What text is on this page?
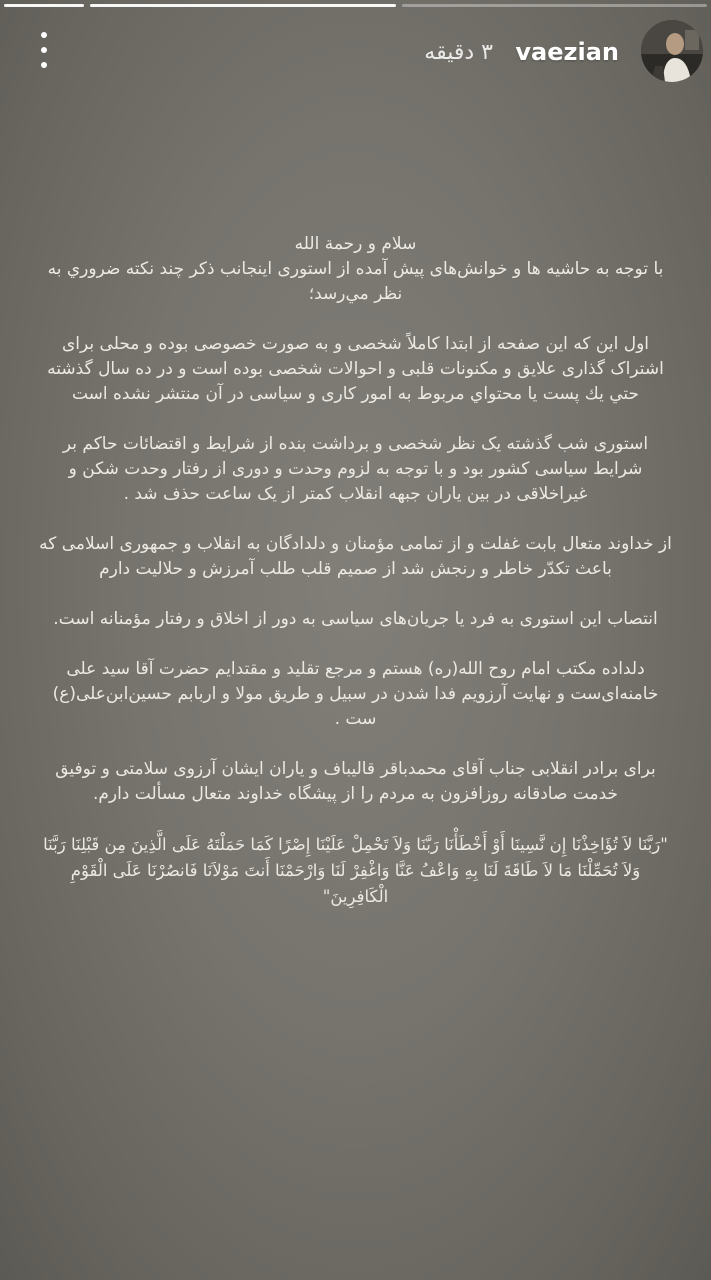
vaezian
۳ دقیقه

سلام و رحمة الله

با توجه به حاشیه ها و خوانش‌های پیش آمده از استوری اینجانب ذکر چند نکته ضروري به نظر مي‌رسد؛

اول این که این صفحه از ابتدا کاملاً شخصی و به صورت خصوصی بوده و محلی برای اشتراک گذاری علایق و مکنونات قلبی و احوالات شخصی بوده است و در ده سال گذشته حتي يك پست یا محتواي مربوط به امور کاری و سیاسی در آن منتشر نشده است

استوری شب گذشته یک نظر شخصی و برداشت بنده از شرایط و اقتضائات حاکم بر شرایط سیاسی کشور بود و با توجه به لزوم وحدت و دوری از رفتار وحدت شکن و غیراخلاقی در بین یاران جبهه انقلاب کمتر از یک ساعت حذف شد .

از خداوند متعال بابت غفلت و از تمامی مؤمنان و دلدادگان به انقلاب و جمهوری اسلامی که باعث تکدّر خاطر و رنجش شد از صمیم قلب طلب آمرزش و حلالیت دارم

انتصاب این استوری به فرد یا جریان‌های سیاسی به دور از اخلاق و رفتار مؤمنانه است.

دلداده مکتب امام روح الله(ره) هستم و مرجع تقلید و مقتدایم حضرت آقا سید علی خامنه‌ای‌ست و نهایت آرزویم فدا شدن در سبیل و طریق مولا و اربابم حسین‌ابن‌علی(ع) ست .

برای برادر انقلابی جناب آقای محمدباقر قالیباف و یاران ایشان آرزوی سلامتی و توفیق خدمت صادقانه روزافزون به مردم را از پیشگاه خداوند متعال مسألت دارم.

"رَبَّنَا لاَ تُؤَاخِذْنَا إِن نَّسِينَا أَوْ أَخْطَأْنَا رَبَّنَا وَلاَ تَحْمِلْ عَلَيْنَا إِصْرًا كَمَا حَمَلْتَهُ عَلَى الَّذِينَ مِن قَبْلِنَا رَبَّنَا وَلاَ تُحَمِّلْنَا مَا لاَ طَاقَةَ لَنَا بِهِ وَاعْفُ عَنَّا وَاغْفِرْ لَنَا وَارْحَمْنَا أَنتَ مَوْلاَنَا فَانصُرْنَا عَلَى الْقَوْمِ الْكَافِرِينَ"
